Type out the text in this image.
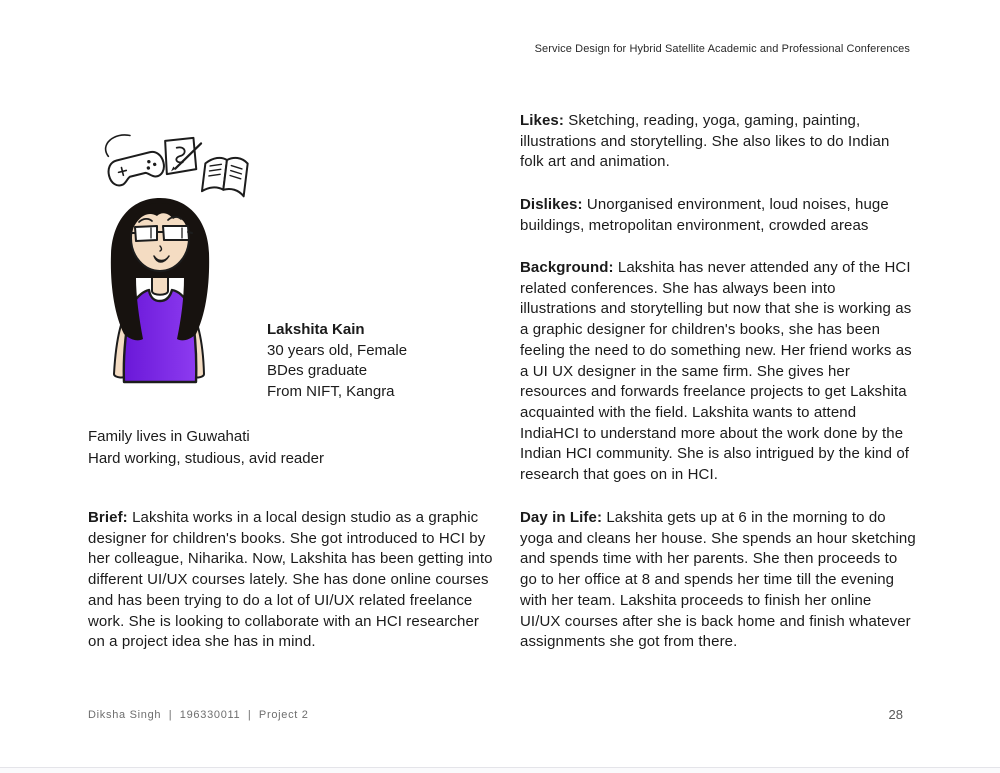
Service Design for Hybrid Satellite Academic and Professional Conferences
Lakshita Kain
30 years old, Female
BDes graduate
From NIFT, Kangra
Family lives in Guwahati
Hard working, studious, avid reader

Brief: Lakshita works in a local design studio as a graphic designer for children's books. She got introduced to HCI by her colleague, Niharika. Now, Lakshita has been getting into different UI/UX courses lately. She has done online courses and has been trying to do a lot of UI/UX related freelance work. She is looking to collaborate with an HCI researcher on a project idea she has in mind.

Likes: Sketching, reading, yoga, gaming, painting, illustrations and storytelling. She also likes to do Indian folk art and animation.

Dislikes: Unorganised environment, loud noises, huge buildings, metropolitan environment, crowded areas

Background: Lakshita has never attended any of the HCI related conferences. She has always been into illustrations and storytelling but now that she is working as a graphic designer for children's books, she has been feeling the need to do something new. Her friend works as a UI UX designer in the same firm. She gives her resources and forwards freelance projects to get Lakshita acquainted with the field. Lakshita wants to attend IndiaHCI to understand more about the work done by the Indian HCI community. She is also intrigued by the kind of research that goes on in HCI.

Day in Life: Lakshita gets up at 6 in the morning to do yoga and cleans her house. She spends an hour sketching and spends time with her parents. She then proceeds to go to her office at 8 and spends her time till the evening with her team. Lakshita proceeds to finish her online UI/UX courses after she is back home and finish whatever assignments she got from there.

Diksha Singh  |  196330011  |  Project 2	28
